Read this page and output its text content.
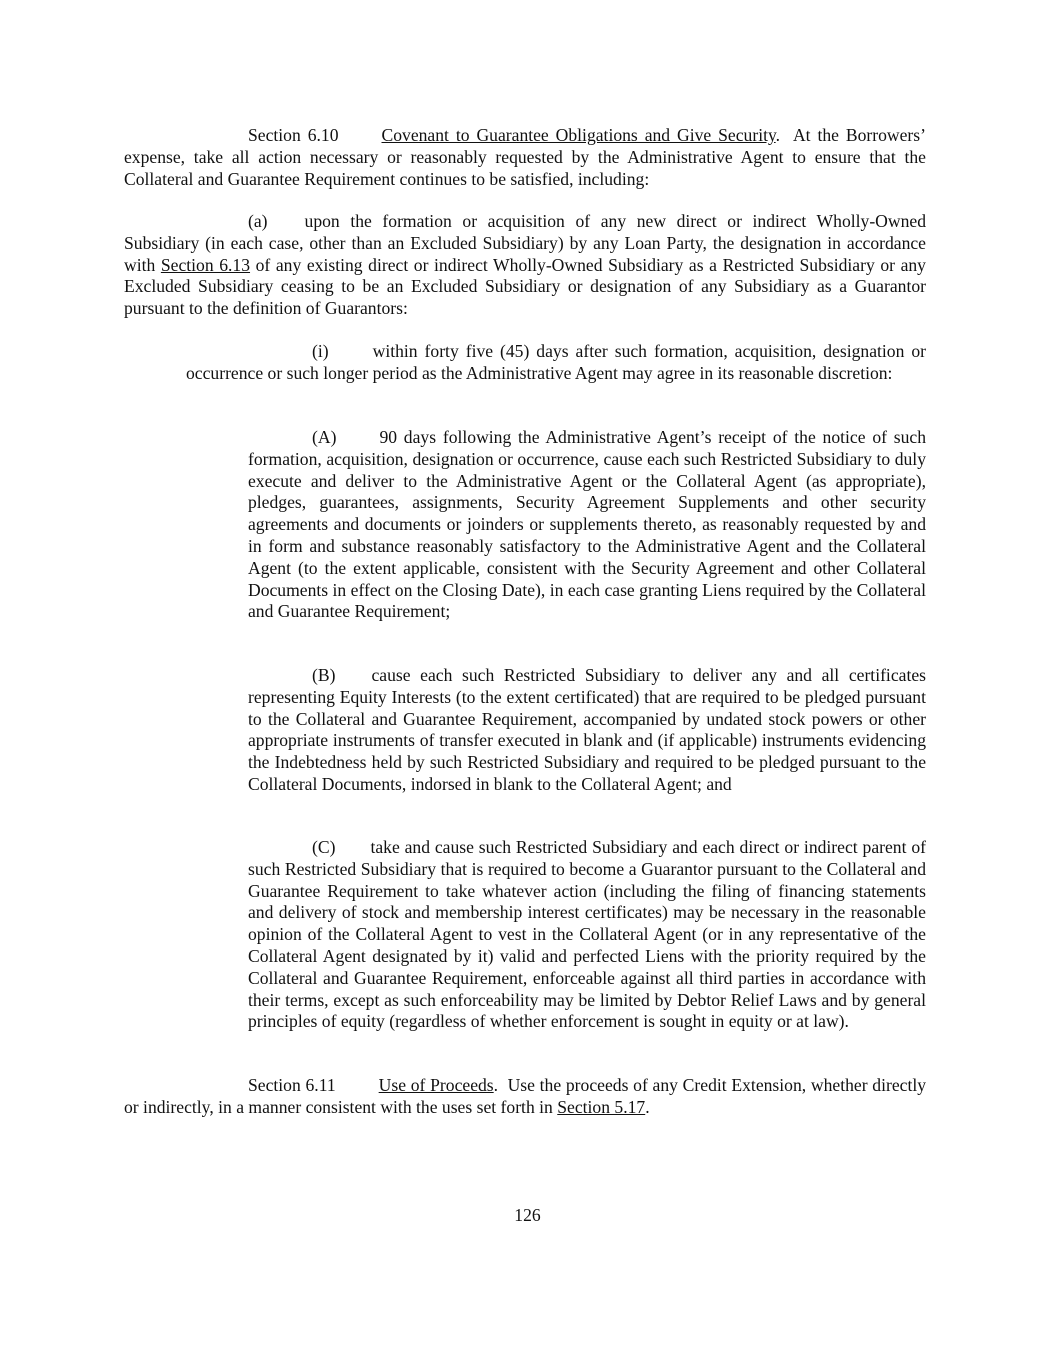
Section 6.10 Covenant to Guarantee Obligations and Give Security. At the Borrowers’ expense, take all action necessary or reasonably requested by the Administrative Agent to ensure that the Collateral and Guarantee Requirement continues to be satisfied, including:

(a) upon the formation or acquisition of any new direct or indirect Wholly-Owned Subsidiary (in each case, other than an Excluded Subsidiary) by any Loan Party, the designation in accordance with Section 6.13 of any existing direct or indirect Wholly-Owned Subsidiary as a Restricted Subsidiary or any Excluded Subsidiary ceasing to be an Excluded Subsidiary or designation of any Subsidiary as a Guarantor pursuant to the definition of Guarantors:

(i)	within forty five (45) days after such formation, acquisition, designation or occurrence or such longer period as the Administrative Agent may agree in its reasonable discretion:

(A) 90 days following the Administrative Agent’s receipt of the notice of such formation, acquisition, designation or occurrence, cause each such Restricted Subsidiary to duly execute and deliver to the Administrative Agent or the Collateral Agent (as appropriate), pledges, guarantees, assignments, Security Agreement Supplements and other security agreements and documents or joinders or supplements thereto, as reasonably requested by and in form and substance reasonably satisfactory to the Administrative Agent and the Collateral Agent (to the extent applicable, consistent with the Security Agreement and other Collateral Documents in effect on the Closing Date), in each case granting Liens required by the Collateral and Guarantee Requirement;

(B) cause each such Restricted Subsidiary to deliver any and all certificates representing Equity Interests (to the extent certificated) that are required to be pledged pursuant to the Collateral and Guarantee Requirement, accompanied by undated stock powers or other appropriate instruments of transfer executed in blank and (if applicable) instruments evidencing the Indebtedness held by such Restricted Subsidiary and required to be pledged pursuant to the Collateral Documents, indorsed in blank to the Collateral Agent; and

(C) take and cause such Restricted Subsidiary and each direct or indirect parent of such Restricted Subsidiary that is required to become a Guarantor pursuant to the Collateral and Guarantee Requirement to take whatever action (including the filing of financing statements and delivery of stock and membership interest certificates) may be necessary in the reasonable opinion of the Collateral Agent to vest in the Collateral Agent (or in any representative of the Collateral Agent designated by it) valid and perfected Liens with the priority required by the Collateral and Guarantee Requirement, enforceable against all third parties in accordance with their terms, except as such enforceability may be limited by Debtor Relief Laws and by general principles of equity (regardless of whether enforcement is sought in equity or at law).

Section 6.11 Use of Proceeds. Use the proceeds of any Credit Extension, whether directly or indirectly, in a manner consistent with the uses set forth in Section 5.17.

126
